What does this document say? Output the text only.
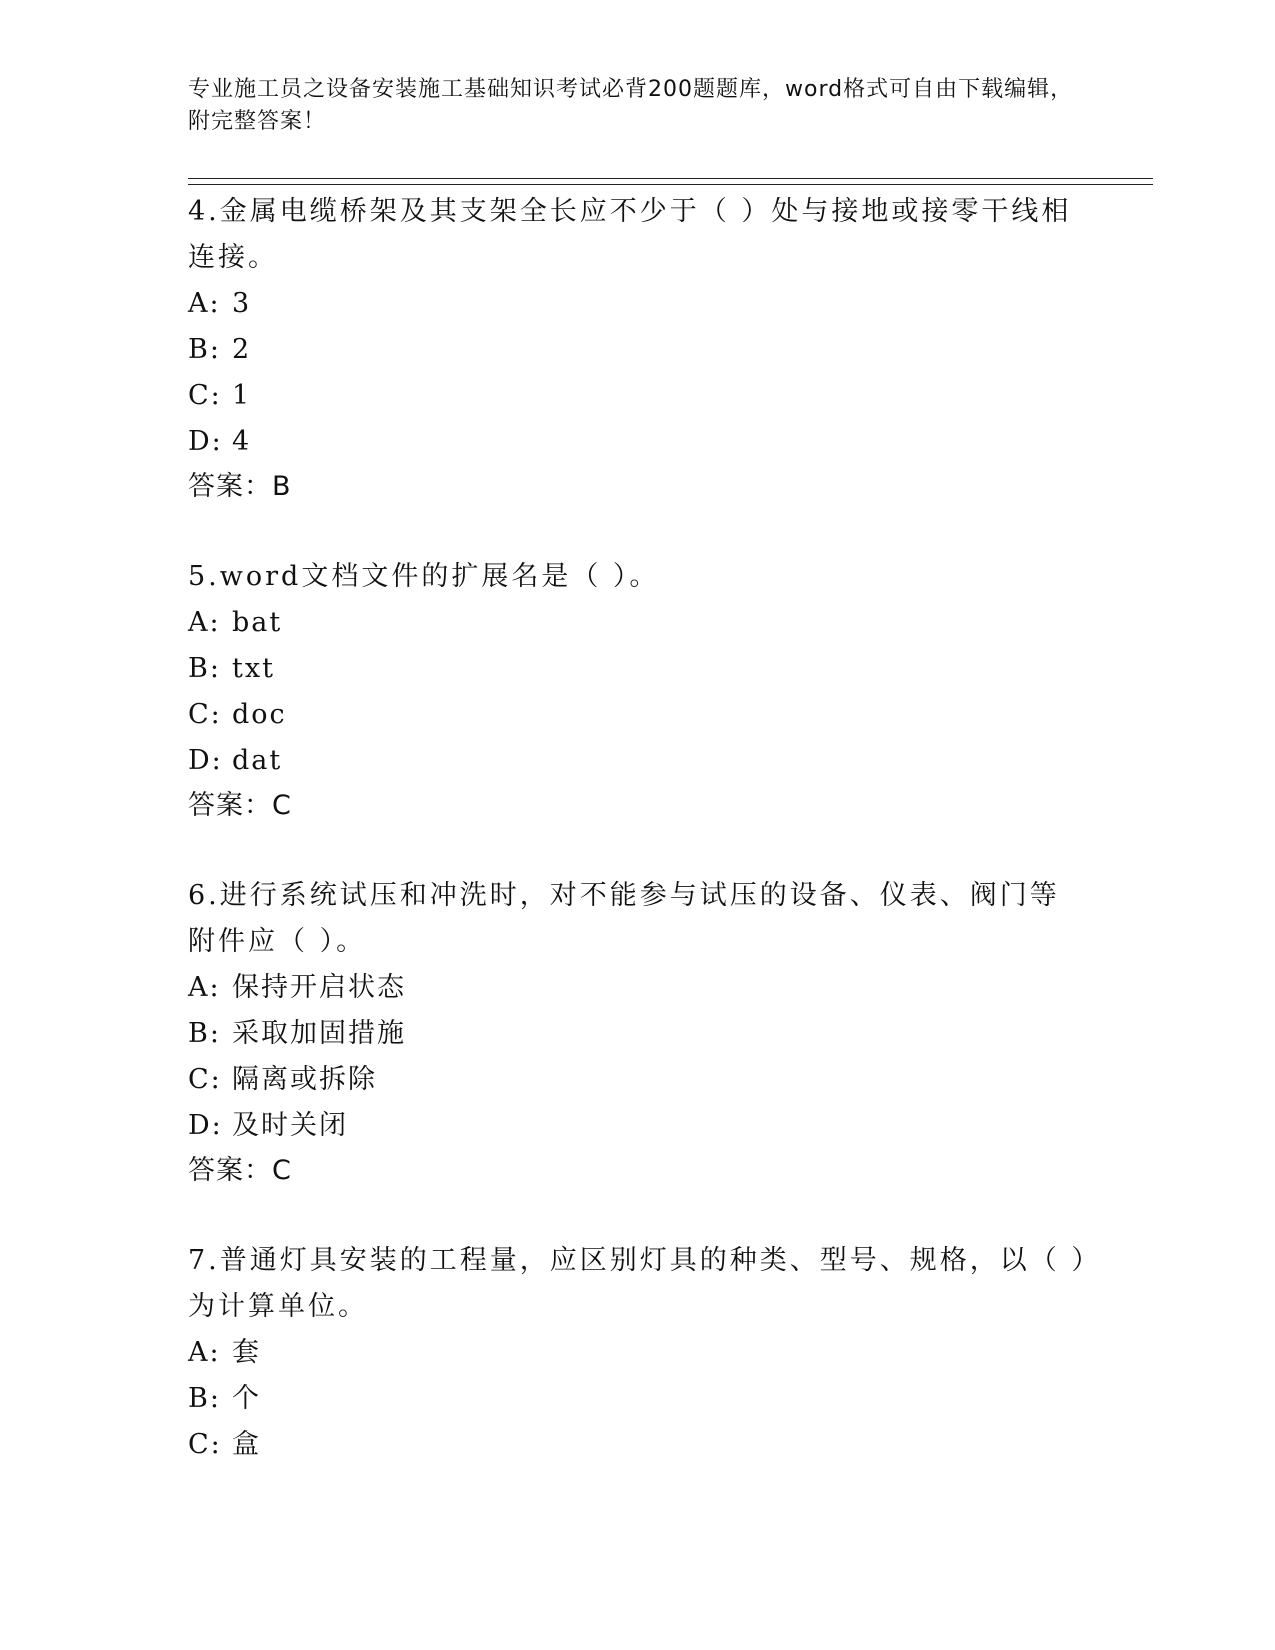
专业施工员之设备安装施工基础知识考试必背200题题库，word格式可自由下载编辑，附完整答案！
4.金属电缆桥架及其支架全长应不少于（ ）处与接地或接零干线相连接。
A: 3
B: 2
C: 1
D: 4
答案：B
5.word文档文件的扩展名是（ ）。
A: bat
B: txt
C: doc
D: dat
答案：C
6.进行系统试压和冲洗时，对不能参与试压的设备、仪表、阀门等附件应（ ）。
A: 保持开启状态
B: 采取加固措施
C: 隔离或拆除
D: 及时关闭
答案：C
7.普通灯具安装的工程量，应区别灯具的种类、型号、规格，以（ ）为计算单位。
A: 套
B: 个
C: 盒
